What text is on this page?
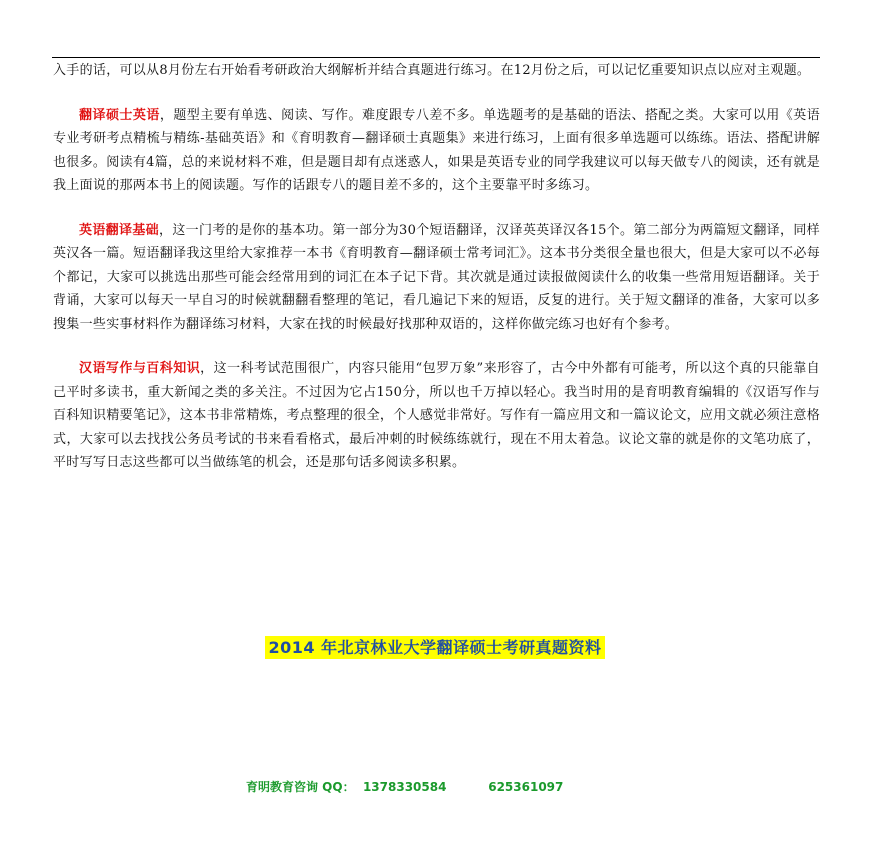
入手的话，可以从8月份左右开始看考研政治大纲解析并结合真题进行练习。在12月份之后，可以记忆重要知识点以应对主观题。

翻译硕士英语，题型主要有单选、阅读、写作。难度跟专八差不多。单选题考的是基础的语法、搭配之类。大家可以用《英语专业考研考点精梳与精练-基础英语》和《育明教育—翻译硕士真题集》来进行练习，上面有很多单选题可以练练。语法、搭配讲解也很多。阅读有4篇，总的来说材料不难，但是题目却有点迷惑人，如果是英语专业的同学我建议可以每天做专八的阅读，还有就是我上面说的那两本书上的阅读题。写作的话跟专八的题目差不多的，这个主要靠平时多练习。

英语翻译基础，这一门考的是你的基本功。第一部分为30个短语翻译，汉译英英译汉各15个。第二部分为两篇短文翻译，同样英汉各一篇。短语翻译我这里给大家推荐一本书《育明教育—翻译硕士常考词汇》。这本书分类很全量也很大，但是大家可以不必每个都记，大家可以挑选出那些可能会经常用到的词汇在本子记下背。其次就是通过读报做阅读什么的收集一些常用短语翻译。关于背诵，大家可以每天一早自习的时候就翻翻看整理的笔记，看几遍记下来的短语，反复的进行。关于短文翻译的准备，大家可以多搜集一些实事材料作为翻译练习材料，大家在找的时候最好找那种双语的，这样你做完练习也好有个参考。

汉语写作与百科知识，这一科考试范围很广，内容只能用“包罗万象”来形容了，古今中外都有可能考，所以这个真的只能靠自己平时多读书，重大新闻之类的多关注。不过因为它占150分，所以也千万掉以轻心。我当时用的是育明教育编辑的《汉语写作与百科知识精要笔记》，这本书非常精炼，考点整理的很全，个人感觉非常好。写作有一篇应用文和一篇议论文，应用文就必须注意格式，大家可以去找找公务员考试的书来看看格式，最后冲刺的时候练练就行，现在不用太着急。议论文靠的就是你的文笔功底了，平时写写日志这些都可以当做练笔的机会，还是那句话多阅读多积累。

2014 年北京林业大学翻译硕士考研真题资料
育明教育咨询 QQ： 1378330584	625361097
